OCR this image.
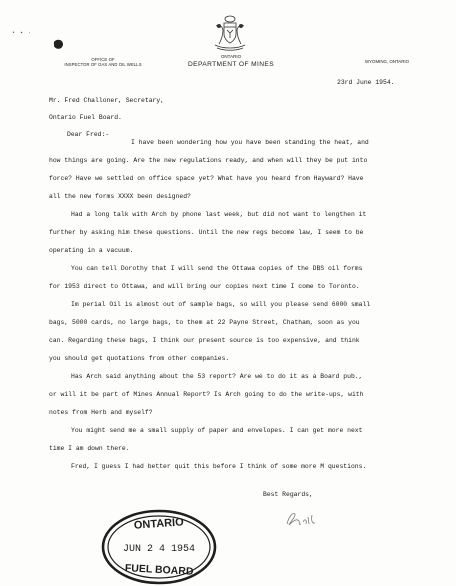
• ▪ ·
OFFICE OF
INSPECTOR OF GAS AND OIL WELLS
ONTARIO
DEPARTMENT OF MINES	WYOMING, ONTARIO
23rd June 1954.
Mr. Fred Challoner, Secretary,
Ontario Fuel Board.
Dear Fred:-
I have been wondering how you have been standing the heat, and
how things are going. Are the new regulations ready, and when will they be put into
force? Have we settled on office space yet? What have you heard from Hayward? Have
all the new forms XXXX been designed?
Had a long talk with Arch by phone last week, but did not want to lengthen it
further by asking him these questions. Until the new regs become law, I seem to be
operating in a vacuum.
You can tell Dorothy that I will send the Ottawa copies of the DBS oil forms
for 1953 direct to Ottawa, and will bring our copies next time I come to Toronto.
Im perial Oil is almost out of sample bags, so will you please send 6000 small
bags, 5000 cards, no large bags, to them at 22 Payne Street, Chatham, soon as you
can. Regarding these bags, I think our present source is too expensive, and think
you should get quotations from other companies.
Has Arch said anything about the 53 report? Are we to do it as a Board pub.,
or will it be part of Mines Annual Report? Is Arch going to do the write-ups, with
notes from Herb and myself?
You might send me a small supply of paper and envelopes. I can get more next
time I am down there.
Fred, I guess I had better quit this before I think of some more M questions.
Best Regards,
ONTARIO
JUN 2 4 1954
FUEL BOARD
